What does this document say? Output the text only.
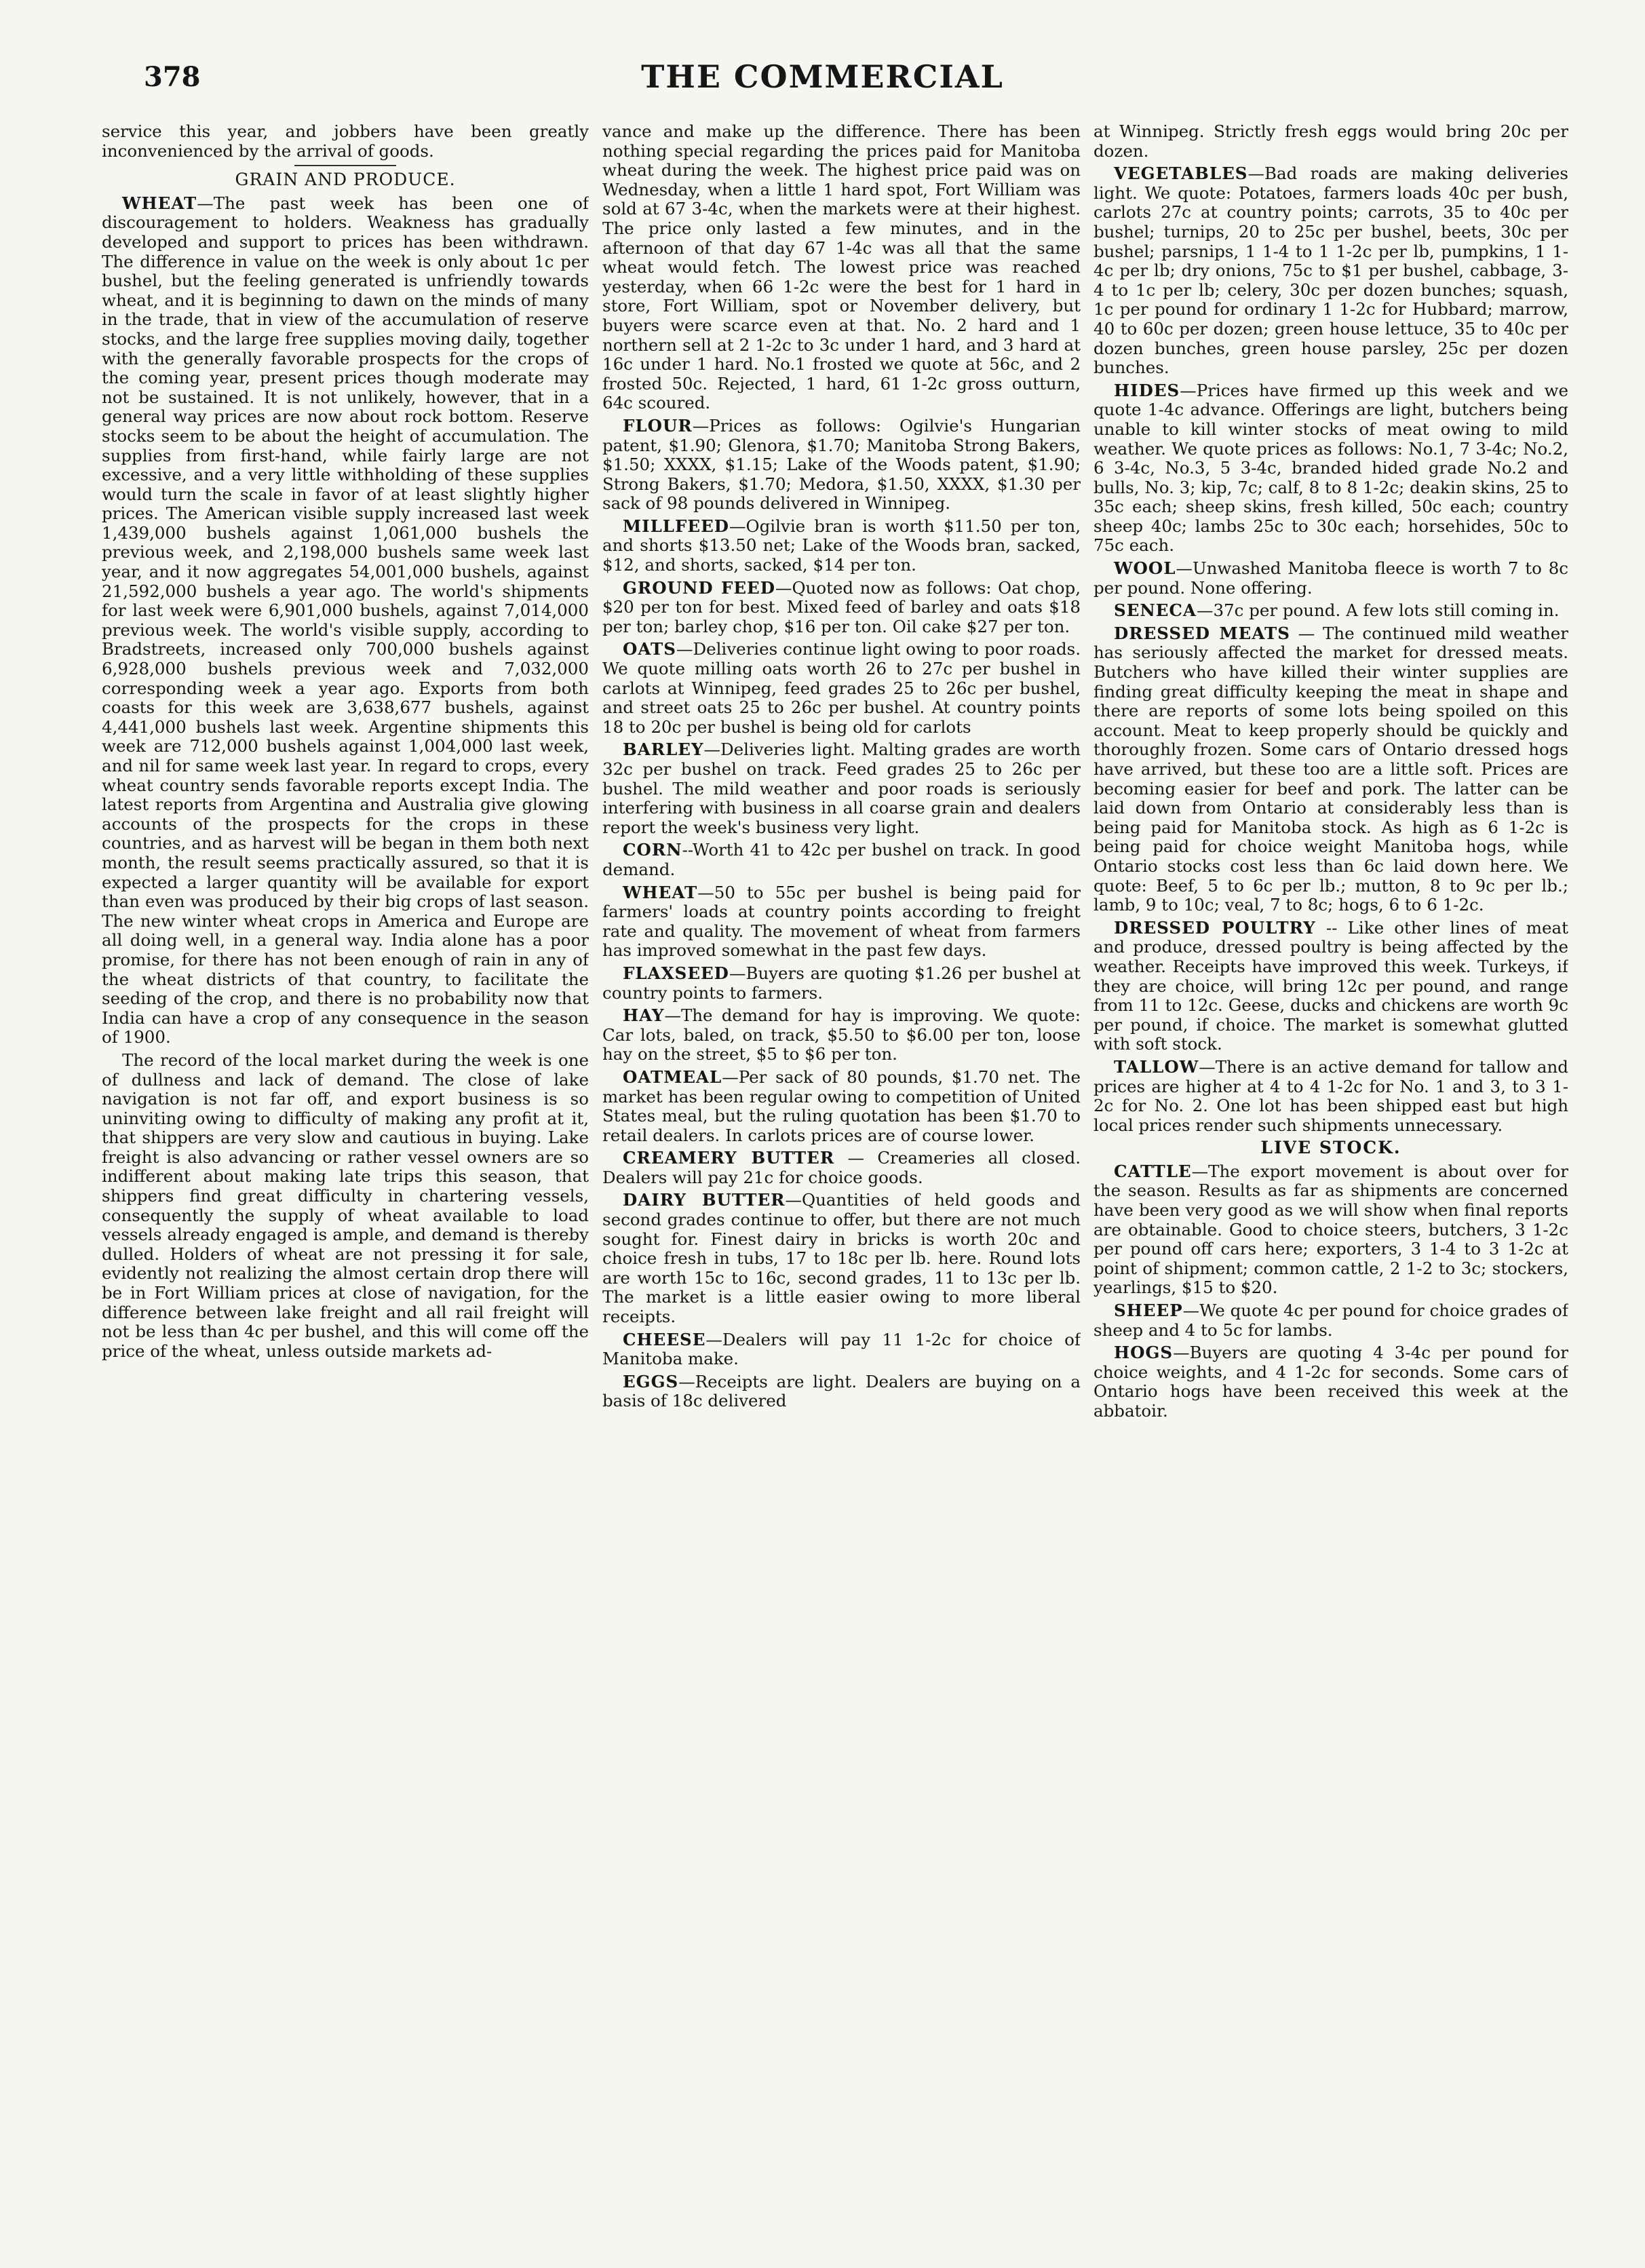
378	THE COMMERCIAL

service this year, and jobbers have been greatly inconvenienced by the arrival of goods.

GRAIN AND PRODUCE.

WHEAT—The past week has been one of discouragement to holders. Weakness has gradually developed and support to prices has been withdrawn. The difference in value on the week is only about 1c per bushel, but the feeling generated is unfriendly towards wheat, and it is beginning to dawn on the minds of many in the trade, that in view of the accumulation of reserve stocks, and the large free supplies moving daily, together with the generally favorable prospects for the crops of the coming year, present prices though moderate may not be sustained. It is not unlikely, however, that in a general way prices are now about rock bottom. Reserve stocks seem to be about the height of accumulation. The supplies from first-hand, while fairly large are not excessive, and a very little withholding of these supplies would turn the scale in favor of at least slightly higher prices. The American visible supply increased last week 1,439,000 bushels against 1,061,000 bushels the previous week, and 2,198,000 bushels same week last year, and it now aggregates 54,001,000 bushels, against 21,592,000 bushels a year ago. The world's shipments for last week were 6,901,000 bushels, against 7,014,000 previous week. The world's visible supply, according to Bradstreets, increased only 700,000 bushels against 6,928,000 bushels previous week and 7,032,000 corresponding week a year ago. Exports from both coasts for this week are 3,638,677 bushels, against 4,441,000 bushels last week. Argentine shipments this week are 712,000 bushels against 1,004,000 last week, and nil for same week last year. In regard to crops, every wheat country sends favorable reports except India. The latest reports from Argentina and Australia give glowing accounts of the prospects for the crops in these countries, and as harvest will be began in them both next month, the result seems practically assured, so that it is expected a larger quantity will be available for export than even was produced by their big crops of last season. The new winter wheat crops in America and Europe are all doing well, in a general way. India alone has a poor promise, for there has not been enough of rain in any of the wheat districts of that country, to facilitate the seeding of the crop, and there is no probability now that India can have a crop of any consequence in the season of 1900.

The record of the local market during the week is one of dullness and lack of demand. The close of lake navigation is not far off, and export business is so uninviting owing to difficulty of making any profit at it, that shippers are very slow and cautious in buying. Lake freight is also advancing or rather vessel owners are so indifferent about making late trips this season, that shippers find great difficulty in chartering vessels, consequently the supply of wheat available to load vessels already engaged is ample, and demand is thereby dulled. Holders of wheat are not pressing it for sale, evidently not realizing the almost certain drop there will be in Fort William prices at close of navigation, for the difference between lake freight and all rail freight will not be less than 4c per bushel, and this will come off the price of the wheat, unless outside markets ad-

vance and make up the difference. There has been nothing special regarding the prices paid for Manitoba wheat during the week. The highest price paid was on Wednesday, when a little 1 hard spot, Fort William was sold at 67 3-4c, when the markets were at their highest. The price only lasted a few minutes, and in the afternoon of that day 67 1-4c was all that the same wheat would fetch. The lowest price was reached yesterday, when 66 1-2c were the best for 1 hard in store, Fort William, spot or November delivery, but buyers were scarce even at that. No. 2 hard and 1 northern sell at 2 1-2c to 3c under 1 hard, and 3 hard at 16c under 1 hard. No.1 frosted we quote at 56c, and 2 frosted 50c. Rejected, 1 hard, 61 1-2c gross outturn, 64c scoured.

FLOUR—Prices as follows: Ogilvie's Hungarian patent, $1.90; Glenora, $1.70; Manitoba Strong Bakers, $1.50; XXXX, $1.15; Lake of the Woods patent, $1.90; Strong Bakers, $1.70; Medora, $1.50, XXXX, $1.30 per sack of 98 pounds delivered in Winnipeg.

MILLFEED—Ogilvie bran is worth $11.50 per ton, and shorts $13.50 net; Lake of the Woods bran, sacked, $12, and shorts, sacked, $14 per ton.

GROUND FEED—Quoted now as follows: Oat chop, $20 per ton for best. Mixed feed of barley and oats $18 per ton; barley chop, $16 per ton. Oil cake $27 per ton.

OATS—Deliveries continue light owing to poor roads. We quote milling oats worth 26 to 27c per bushel in carlots at Winnipeg, feed grades 25 to 26c per bushel, and street oats 25 to 26c per bushel. At country points 18 to 20c per bushel is being old for carlots

BARLEY—Deliveries light. Malting grades are worth 32c per bushel on track. Feed grades 25 to 26c per bushel. The mild weather and poor roads is seriously interfering with business in all coarse grain and dealers report the week's business very light.

CORN--Worth 41 to 42c per bushel on track. In good demand.

WHEAT—50 to 55c per bushel is being paid for farmers' loads at country points according to freight rate and quality. The movement of wheat from farmers has improved somewhat in the past few days.

FLAXSEED—Buyers are quoting $1.26 per bushel at country points to farmers.

HAY—The demand for hay is improving. We quote: Car lots, baled, on track, $5.50 to $6.00 per ton, loose hay on the street, $5 to $6 per ton.

OATMEAL—Per sack of 80 pounds, $1.70 net. The market has been regular owing to competition of United States meal, but the ruling quotation has been $1.70 to retail dealers. In carlots prices are of course lower.

CREAMERY BUTTER — Creameries all closed. Dealers will pay 21c for choice goods.

DAIRY BUTTER—Quantities of held goods and second grades continue to offer, but there are not much sought for. Finest dairy in bricks is worth 20c and choice fresh in tubs, 17 to 18c per lb. here. Round lots are worth 15c to 16c, second grades, 11 to 13c per lb. The market is a little easier owing to more liberal receipts.

CHEESE—Dealers will pay 11 1-2c for choice of Manitoba make.

EGGS—Receipts are light. Dealers are buying on a basis of 18c delivered

at Winnipeg. Strictly fresh eggs would bring 20c per dozen.

VEGETABLES—Bad roads are making deliveries light. We quote: Potatoes, farmers loads 40c per bush, carlots 27c at country points; carrots, 35 to 40c per bushel; turnips, 20 to 25c per bushel, beets, 30c per bushel; parsnips, 1 1-4 to 1 1-2c per lb, pumpkins, 1 1-4c per lb; dry onions, 75c to $1 per bushel, cabbage, 3-4 to 1c per lb; celery, 30c per dozen bunches; squash, 1c per pound for ordinary 1 1-2c for Hubbard; marrow, 40 to 60c per dozen; green house lettuce, 35 to 40c per dozen bunches, green house parsley, 25c per dozen bunches.

HIDES—Prices have firmed up this week and we quote 1-4c advance. Offerings are light, butchers being unable to kill winter stocks of meat owing to mild weather. We quote prices as follows: No.1, 7 3-4c; No.2, 6 3-4c, No.3, 5 3-4c, branded hided grade No.2 and bulls, No. 3; kip, 7c; calf, 8 to 8 1-2c; deakin skins, 25 to 35c each; sheep skins, fresh killed, 50c each; country sheep 40c; lambs 25c to 30c each; horsehides, 50c to 75c each.

WOOL—Unwashed Manitoba fleece is worth 7 to 8c per pound. None offering.

SENECA—37c per pound. A few lots still coming in.

DRESSED MEATS — The continued mild weather has seriously affected the market for dressed meats. Butchers who have killed their winter supplies are finding great difficulty keeping the meat in shape and there are reports of some lots being spoiled on this account. Meat to keep properly should be quickly and thoroughly frozen. Some cars of Ontario dressed hogs have arrived, but these too are a little soft. Prices are becoming easier for beef and pork. The latter can be laid down from Ontario at considerably less than is being paid for Manitoba stock. As high as 6 1-2c is being paid for choice weight Manitoba hogs, while Ontario stocks cost less than 6c laid down here. We quote: Beef, 5 to 6c per lb.; mutton, 8 to 9c per lb.; lamb, 9 to 10c; veal, 7 to 8c; hogs, 6 to 6 1-2c.

DRESSED POULTRY -- Like other lines of meat and produce, dressed poultry is being affected by the weather. Receipts have improved this week. Turkeys, if they are choice, will bring 12c per pound, and range from 11 to 12c. Geese, ducks and chickens are worth 9c per pound, if choice. The market is somewhat glutted with soft stock.

TALLOW—There is an active demand for tallow and prices are higher at 4 to 4 1-2c for No. 1 and 3, to 3 1-2c for No. 2. One lot has been shipped east but high local prices render such shipments unnecessary.

LIVE STOCK.

CATTLE—The export movement is about over for the season. Results as far as shipments are concerned have been very good as we will show when final reports are obtainable. Good to choice steers, butchers, 3 1-2c per pound off cars here; exporters, 3 1-4 to 3 1-2c at point of shipment; common cattle, 2 1-2 to 3c; stockers, yearlings, $15 to $20.

SHEEP—We quote 4c per pound for choice grades of sheep and 4 to 5c for lambs.

HOGS—Buyers are quoting 4 3-4c per pound for choice weights, and 4 1-2c for seconds. Some cars of Ontario hogs have been received this week at the abbatoir.
